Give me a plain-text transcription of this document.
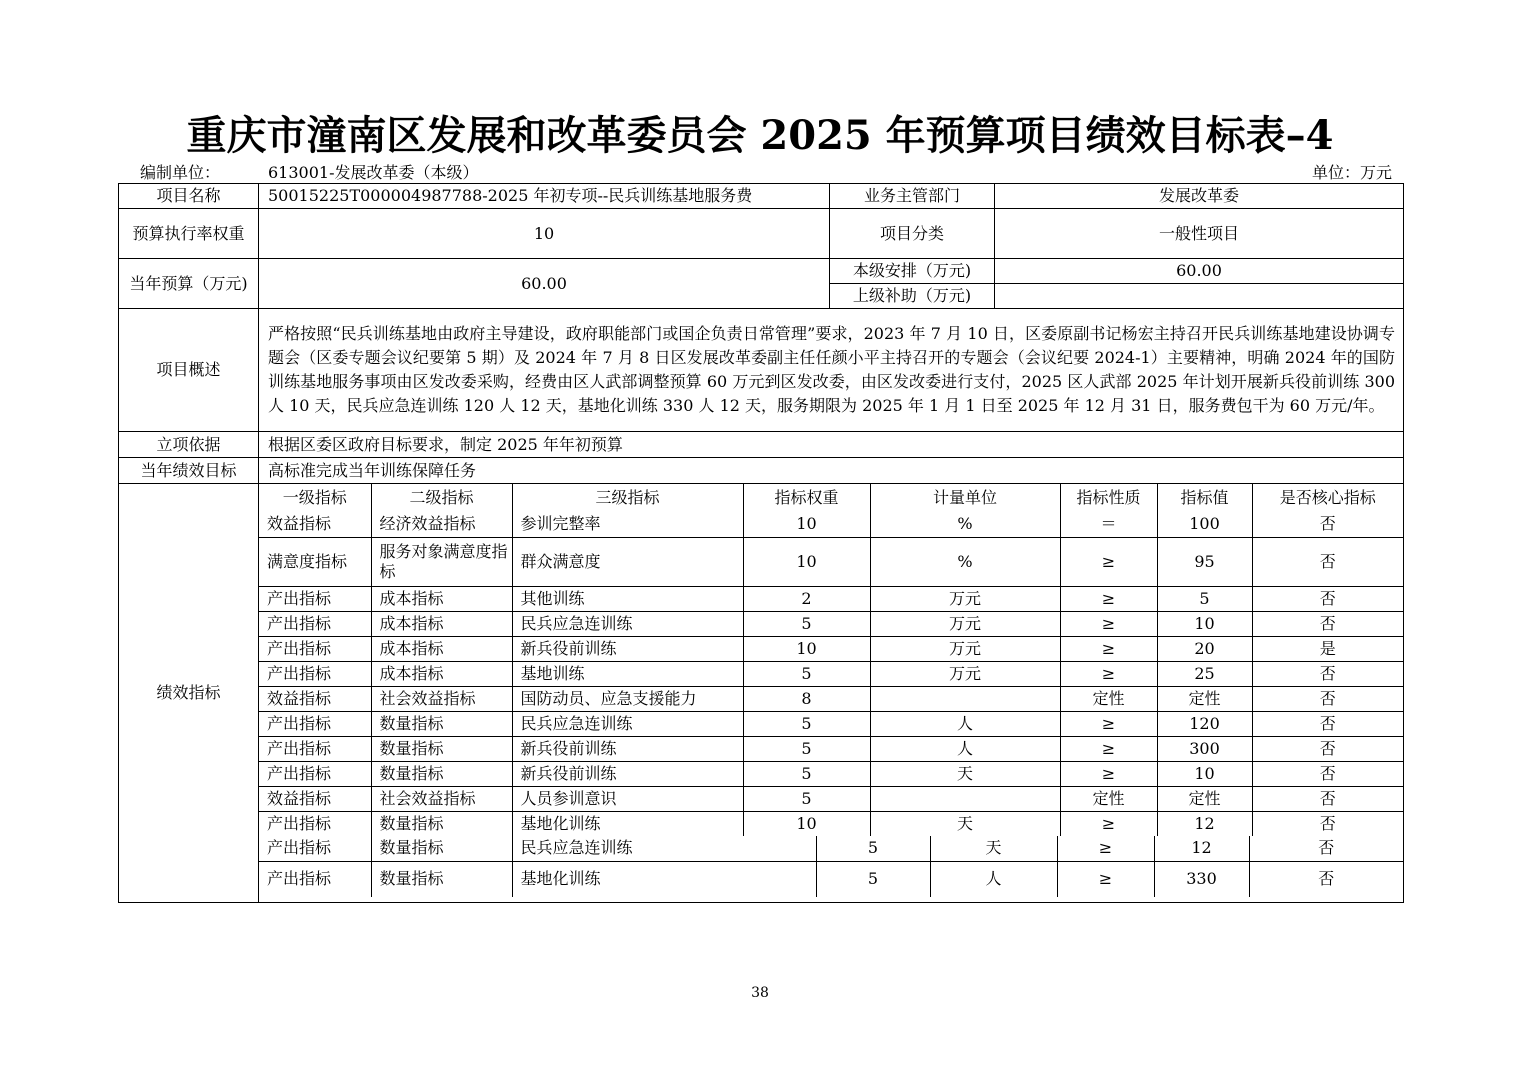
重庆市潼南区发展和改革委员会 2025 年预算项目绩效目标表–4
编制单位：	613001-发展改革委（本级）	单位：万元
项目名称	50015225T000004987788-2025 年初专项--民兵训练基地服务费	业务主管部门	发展改革委
预算执行率权重	10	项目分类	一般性项目
当年预算（万元)	60.00	本级安排（万元)	60.00
上级补助（万元)	
项目概述	严格按照“民兵训练基地由政府主导建设，政府职能部门或国企负责日常管理”要求，2023 年 7 月 10 日，区委原副书记杨宏主持召开民兵训练基地建设协调专题会（区委专题会议纪要第 5 期）及 2024 年 7 月 8 日区发展改革委副主任任颜小平主持召开的专题会（会议纪要 2024-1）主要精神，明确 2024 年的国防训练基地服务事项由区发改委采购，经费由区人武部调整预算 60 万元到区发改委，由区发改委进行支付，2025 区人武部 2025 年计划开展新兵役前训练 300 人 10 天，民兵应急连训练 120 人 12 天，基地化训练 330 人 12 天，服务期限为 2025 年 1 月 1 日至 2025 年 12 月 31 日，服务费包干为 60 万元/年。
立项依据	根据区委区政府目标要求，制定 2025 年年初预算
当年绩效目标	高标准完成当年训练保障任务
绩效指标	
一级指标	二级指标	三级指标	指标权重	计量单位	指标性质	指标值	是否核心指标
效益指标	经济效益指标	参训完整率	10	%	＝	100	否
满意度指标	服务对象满意度指标	群众满意度	10	%	≥	95	否
产出指标	成本指标	其他训练	2	万元	≥	5	否
产出指标	成本指标	民兵应急连训练	5	万元	≥	10	否
产出指标	成本指标	新兵役前训练	10	万元	≥	20	是
产出指标	成本指标	基地训练	5	万元	≥	25	否
效益指标	社会效益指标	国防动员、应急支援能力	8		定性	定性	否
产出指标	数量指标	民兵应急连训练	5	人	≥	120	否
产出指标	数量指标	新兵役前训练	5	人	≥	300	否
产出指标	数量指标	新兵役前训练	5	天	≥	10	否
效益指标	社会效益指标	人员参训意识	5		定性	定性	否
产出指标	数量指标	基地化训练	10	天	≥	12	否
产出指标	数量指标	民兵应急连训练	5	天	≥	12	否
产出指标	数量指标	基地化训练	5	人	≥	330	否
38
